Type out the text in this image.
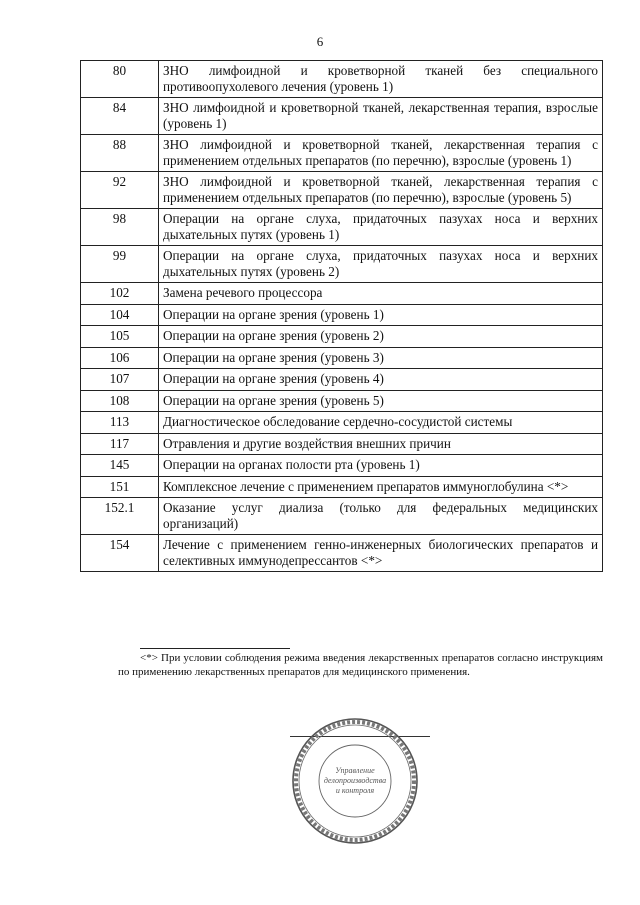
6
80	ЗНО лимфоидной и кроветворной тканей без специального противоопухолевого лечения (уровень 1)
84	ЗНО лимфоидной и кроветворной тканей, лекарственная терапия, взрослые (уровень 1)
88	ЗНО лимфоидной и кроветворной тканей, лекарственная терапия с применением отдельных препаратов (по перечню), взрослые (уровень 1)
92	ЗНО лимфоидной и кроветворной тканей, лекарственная терапия с применением отдельных препаратов (по перечню), взрослые (уровень 5)
98	Операции на органе слуха, придаточных пазухах носа и верхних дыхательных путях (уровень 1)
99	Операции на органе слуха, придаточных пазухах носа и верхних дыхательных путях (уровень 2)
102	Замена речевого процессора
104	Операции на органе зрения (уровень 1)
105	Операции на органе зрения (уровень 2)
106	Операции на органе зрения (уровень 3)
107	Операции на органе зрения (уровень 4)
108	Операции на органе зрения (уровень 5)
113	Диагностическое обследование сердечно-сосудистой системы
117	Отравления и другие воздействия внешних причин
145	Операции на органах полости рта (уровень 1)
151	Комплексное лечение с применением препаратов иммуноглобулина <*>
152.1	Оказание услуг диализа (только для федеральных медицинских организаций)
154	Лечение с применением генно-инженерных биологических препаратов и селективных иммунодепрессантов <*>
<*> При условии соблюдения режима введения лекарственных препаратов согласно инструкциям по применению лекарственных препаратов для медицинского применения.
Управление
делопроизводства
и контроля
